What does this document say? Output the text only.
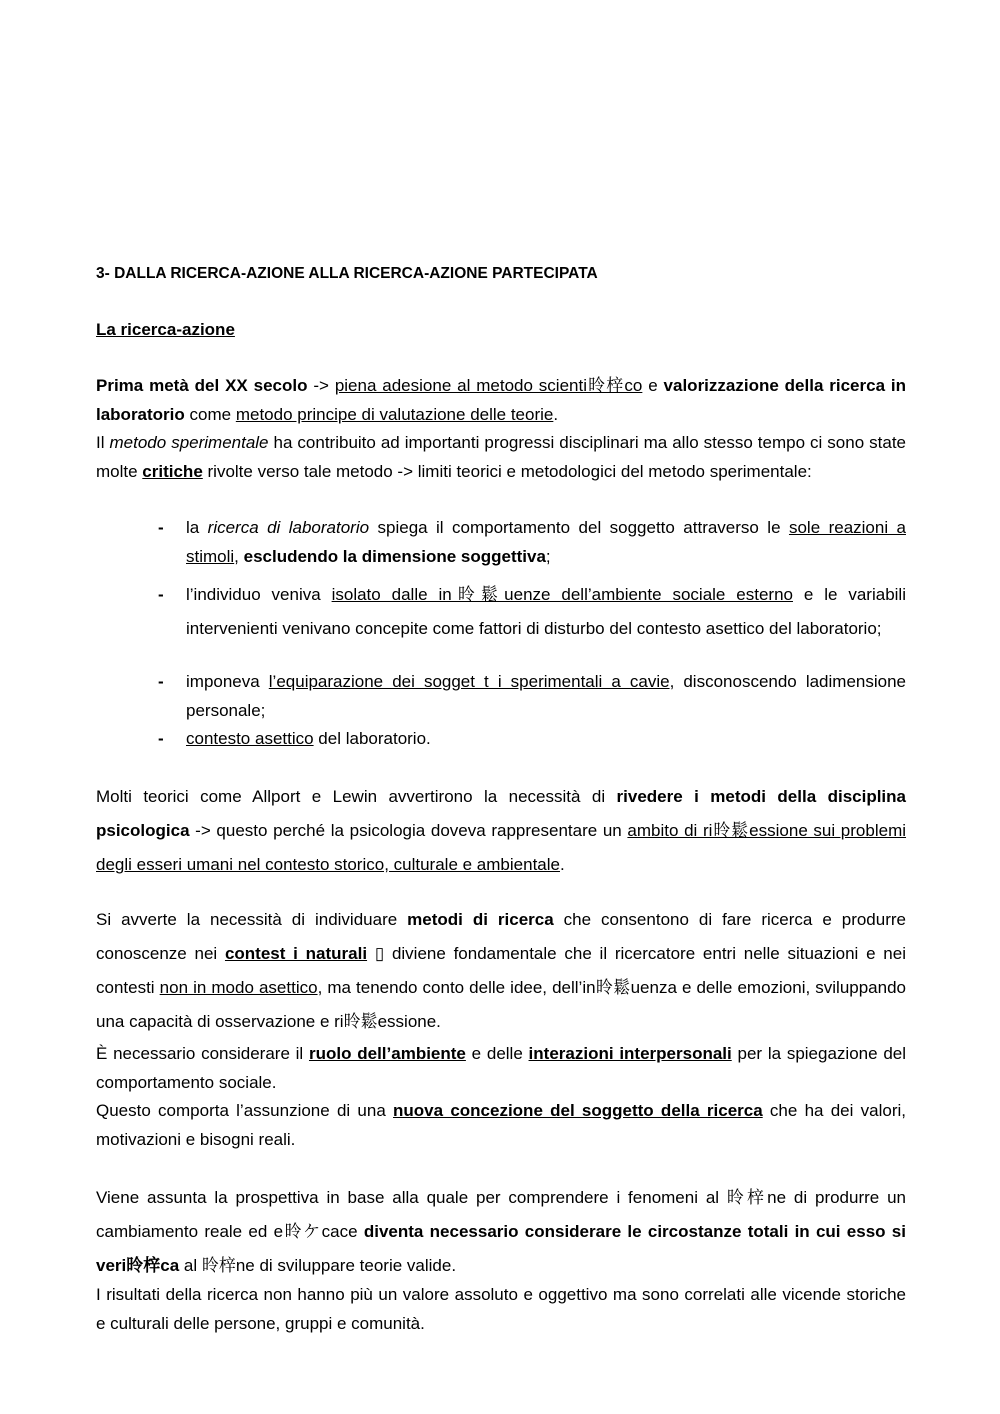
3- DALLA RICERCA-AZIONE ALLA RICERCA-AZIONE PARTECIPATA
La ricerca-azione
Prima metà del XX secolo -> piena adesione al metodo scienti昤梓co e valorizzazione della ricerca in laboratorio come metodo principe di valutazione delle teorie.
Il metodo sperimentale ha contribuito ad importanti progressi disciplinari ma allo stesso tempo ci sono state molte critiche rivolte verso tale metodo -> limiti teorici e metodologici del metodo sperimentale:
- la ricerca di laboratorio spiega il comportamento del soggetto attraverso le sole reazioni a stimoli, escludendo la dimensione soggettiva;
- l’individuo veniva isolato dalle in昤鬆uenze dell’ambiente sociale esterno e le variabili intervenienti venivano concepite come fattori di disturbo del contesto asettico del laboratorio;
- imponeva l’equiparazione dei sogget t i sperimentali a cavie, disconoscendo ladimensione personale;
- contesto asettico del laboratorio.
Molti teorici come Allport e Lewin avvertirono la necessità di rivedere i metodi della disciplina psicologica -> questo perché la psicologia doveva rappresentare un ambito di ri昤鬆essione sui problemi degli esseri umani nel contesto storico, culturale e ambientale.
Si avverte la necessità di individuare metodi di ricerca che consentono di fare ricerca e produrre conoscenze nei contest i naturali ▯ diviene fondamentale che il ricercatore entri nelle situazioni e nei contesti non in modo asettico, ma tenendo conto delle idee, dell’in昤鬆uenza e delle emozioni, sviluppando una capacità di osservazione e ri昤鬆essione.
È necessario considerare il ruolo dell’ambiente e delle interazioni interpersonali per la spiegazione del comportamento sociale.
Questo comporta l’assunzione di una nuova concezione del soggetto della ricerca che ha dei valori, motivazioni e bisogni reali.
Viene assunta la prospettiva in base alla quale per comprendere i fenomeni al 昤梓ne di produrre un cambiamento reale ed e昤ケcace diventa necessario considerare le circostanze totali in cui esso si veri昤梓ca al 昤梓ne di sviluppare teorie valide.
I risultati della ricerca non hanno più un valore assoluto e oggettivo ma sono correlati alle vicende storiche e culturali delle persone, gruppi e comunità.
